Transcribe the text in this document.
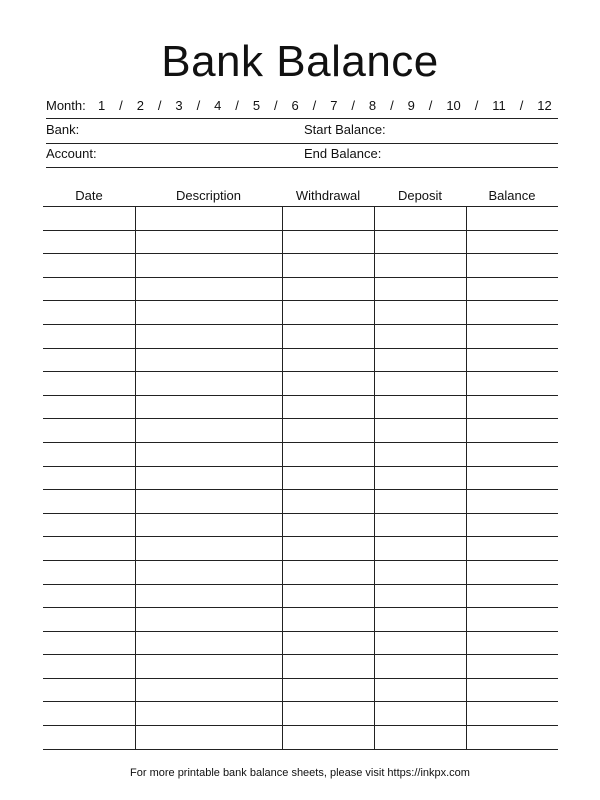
Bank Balance
Month: 1 / 2 / 3 / 4 / 5 / 6 / 7 / 8 / 9 / 10 / 11 / 12
Bank:	Start Balance:
Account:	End Balance:
Date	Description	Withdrawal	Deposit	Balance

For more printable bank balance sheets, please visit https://inkpx.com
